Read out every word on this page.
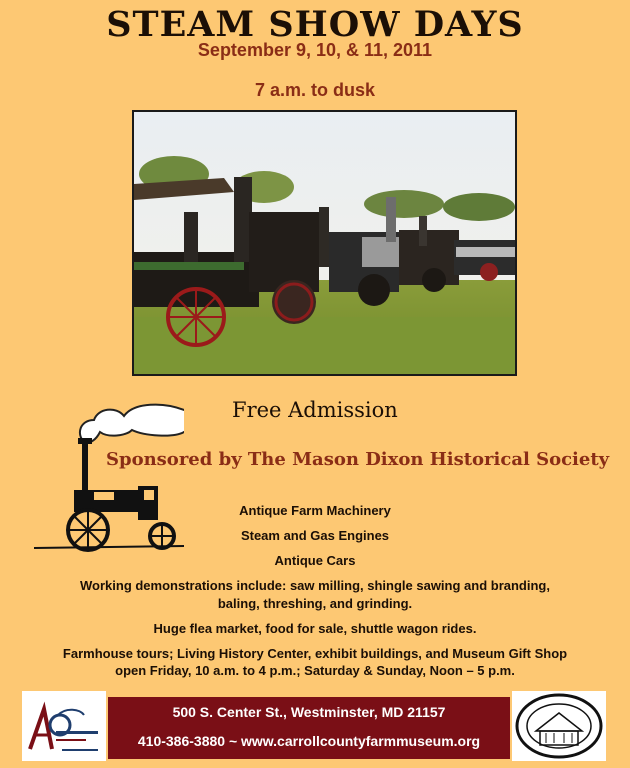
STEAM SHOW DAYS
September 9, 10, & 11, 2011
7 a.m. to dusk
Free Admission
Sponsored by The Mason Dixon Historical Society
Antique Farm Machinery
Steam and Gas Engines
Antique Cars
Working demonstrations include: saw milling, shingle sawing and branding,
baling, threshing, and grinding.
Huge flea market, food for sale, shuttle wagon rides.
Farmhouse tours; Living History Center, exhibit buildings, and Museum Gift Shop
open Friday, 10 a.m. to 4 p.m.; Saturday & Sunday, Noon – 5 p.m.
500 S. Center St., Westminster, MD 21157
410-386-3880 ~ www.carrollcountyfarmmuseum.org
